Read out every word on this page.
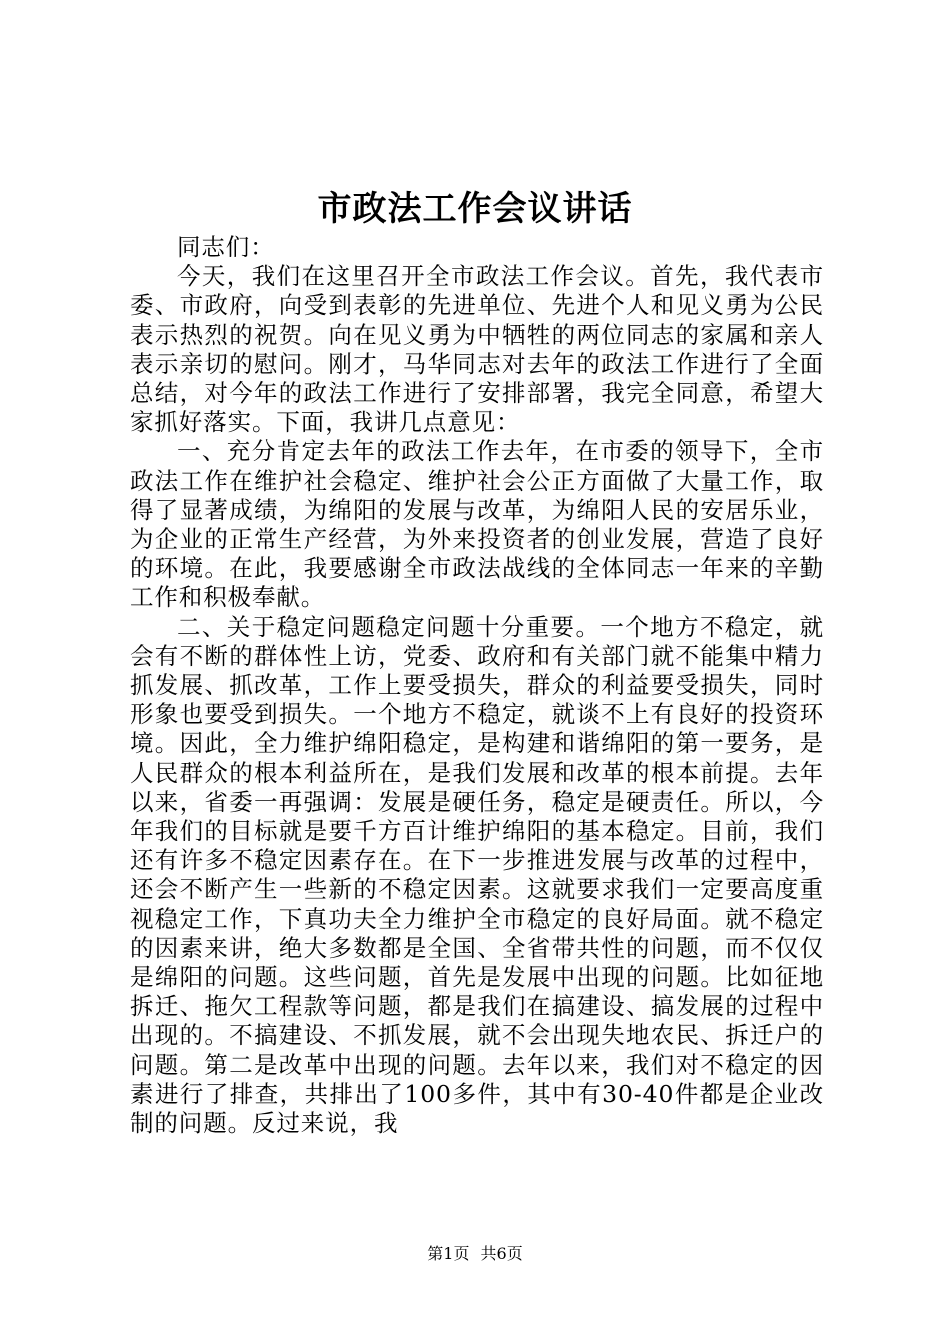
市政法工作会议讲话

同志们：

今天，我们在这里召开全市政法工作会议。首先，我代表市委、市政府，向受到表彰的先进单位、先进个人和见义勇为公民表示热烈的祝贺。向在见义勇为中牺牲的两位同志的家属和亲人表示亲切的慰问。刚才，马华同志对去年的政法工作进行了全面总结，对今年的政法工作进行了安排部署，我完全同意，希望大家抓好落实。下面，我讲几点意见：

一、充分肯定去年的政法工作去年，在市委的领导下，全市政法工作在维护社会稳定、维护社会公正方面做了大量工作，取得了显著成绩，为绵阳的发展与改革，为绵阳人民的安居乐业，为企业的正常生产经营，为外来投资者的创业发展，营造了良好的环境。在此，我要感谢全市政法战线的全体同志一年来的辛勤工作和积极奉献。

二、关于稳定问题稳定问题十分重要。一个地方不稳定，就会有不断的群体性上访，党委、政府和有关部门就不能集中精力抓发展、抓改革，工作上要受损失，群众的利益要受损失，同时形象也要受到损失。一个地方不稳定，就谈不上有良好的投资环境。因此，全力维护绵阳稳定，是构建和谐绵阳的第一要务，是人民群众的根本利益所在，是我们发展和改革的根本前提。去年以来，省委一再强调：发展是硬任务，稳定是硬责任。所以，今年我们的目标就是要千方百计维护绵阳的基本稳定。目前，我们还有许多不稳定因素存在。在下一步推进发展与改革的过程中，还会不断产生一些新的不稳定因素。这就要求我们一定要高度重视稳定工作，下真功夫全力维护全市稳定的良好局面。就不稳定的因素来讲，绝大多数都是全国、全省带共性的问题，而不仅仅是绵阳的问题。这些问题，首先是发展中出现的问题。比如征地拆迁、拖欠工程款等问题，都是我们在搞建设、搞发展的过程中出现的。不搞建设、不抓发展，就不会出现失地农民、拆迁户的问题。第二是改革中出现的问题。去年以来，我们对不稳定的因素进行了排查，共排出了100多件，其中有30-40件都是企业改制的问题。反过来说，我

第1页 共6页
